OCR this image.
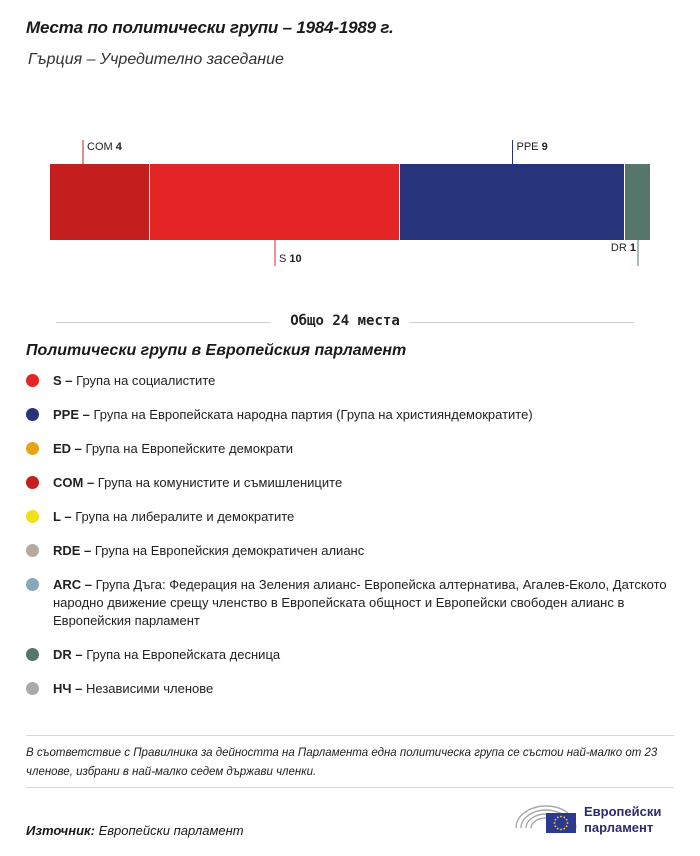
Места по политически групи – 1984-1989 г.
Гърция – Учредително заседание
COM 4
S 10
PPE 9
DR 1
Общо 24 места
Политически групи в Европейския парламент
S – Група на социалистите
PPE – Група на Европейската народна партия (Група на християндемократите)
ED – Група на Европейските демократи
COM – Група на комунистите и съмишлениците
L – Група на либералите и демократите
RDE – Група на Европейския демократичен алианс
ARC – Група Дъга: Федерация на Зеления алианс- Европейска алтернатива, Агалев-Еколо, Датското народно движение срещу членство в Европейската общност и Европейски свободен алианс в Европейския парламент
DR – Група на Европейската десница
НЧ – Независими членове
В съответствие с Правилника за дейността на Парламента една политическа група се състои най-малко от 23 членове, избрани в най-малко седем държави членки.
Източник: Европейски парламент
Европейски
парламент
